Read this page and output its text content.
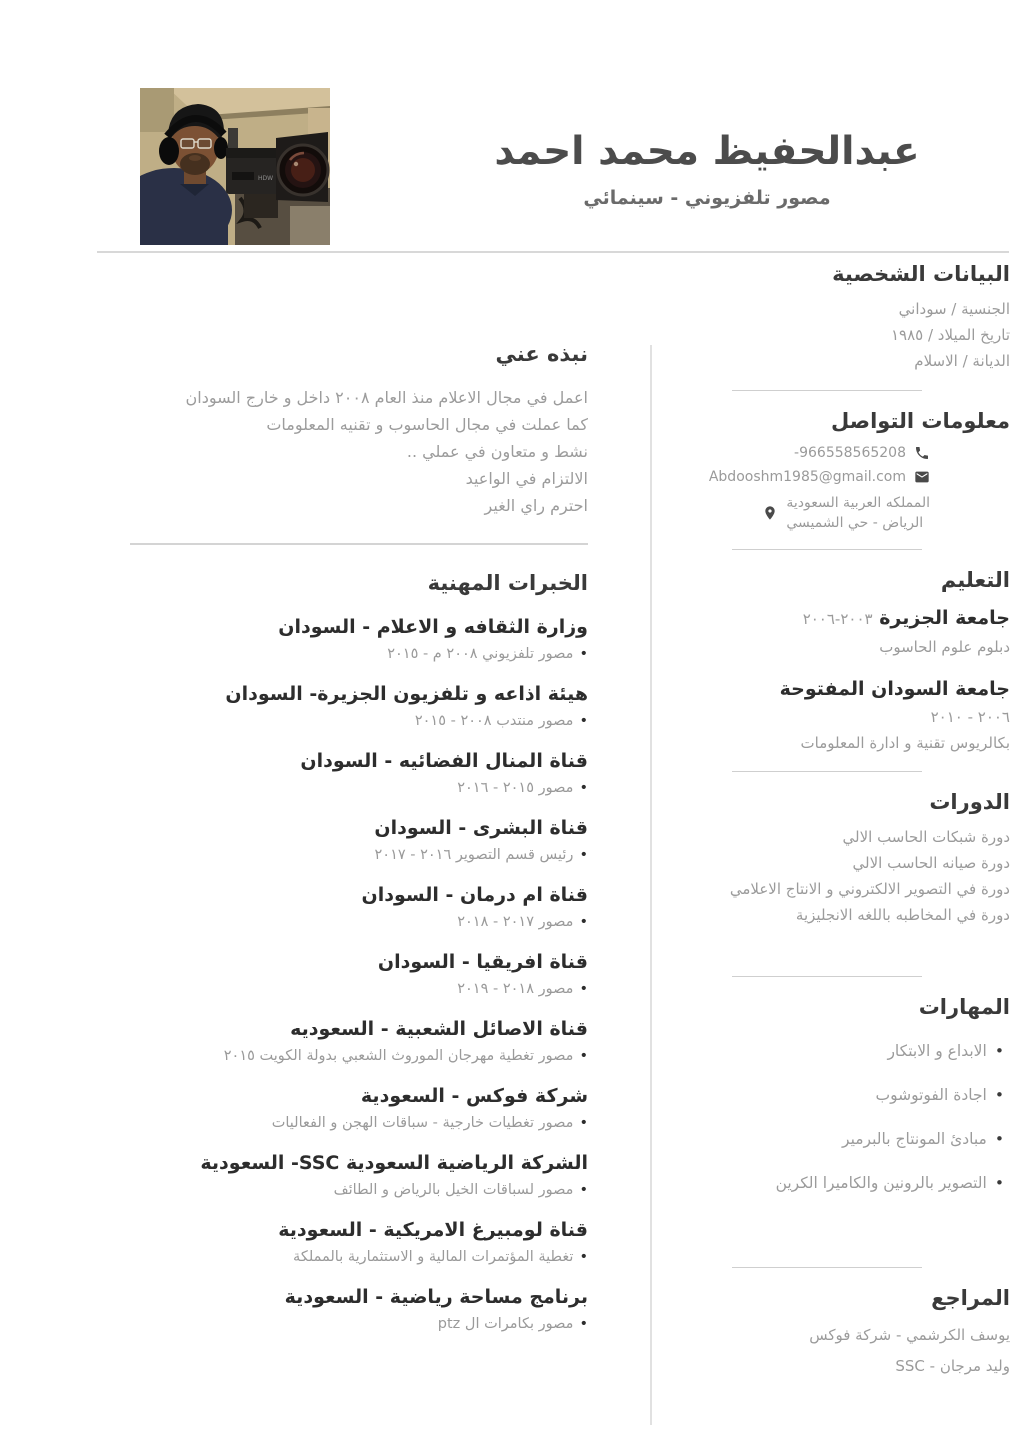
HDW
عبدالحفيظ محمد احمد
مصور تلفزيوني - سينمائي
البيانات الشخصية
الجنسية / سوداني
تاريخ الميلاد / ١٩٨٥
الديانة / الاسلام
معلومات التواصل
-966558565208
Abdooshm1985@gmail.com
المملكه العربية السعودية
الرياض - حي الشميسي
التعليم
جامعة الجزيرة ٢٠٠٣-٢٠٠٦
دبلوم علوم الحاسوب
جامعة السودان المفتوحة
٢٠٠٦ - ٢٠١٠
بكالريوس تقنية و ادارة المعلومات
الدورات
دورة شبكات الحاسب الالي
دورة صيانه الحاسب الالي
دورة في التصوير الالكتروني و الانتاج الاعلامي
دورة في المخاطبه باللغه الانجليزية
المهارات
•الابداع و الابتكار
•اجادة الفوتوشوب
•مبادئ المونتاج بالبرمير
•التصوير بالرونين والكاميرا الكرين
المراجع
يوسف الكرشمي - شركة فوكس
وليد مرجان - SSC
نبذه عني
اعمل في مجال الاعلام منذ العام ٢٠٠٨ داخل و خارج السودان
كما عملت في مجال الحاسوب و تقنيه المعلومات
نشط و متعاون في عملي ..
الالتزام في الواعيد
احترم راي الغير
الخبرات المهنية
وزارة الثقافه و الاعلام - السودان
•مصور تلفزيوني ٢٠٠٨ م - ٢٠١٥
هيئة اذاعه و تلفزيون الجزيرة- السودان
•مصور منتدب ٢٠٠٨ - ٢٠١٥
قناة المنال الفضائيه - السودان
•مصور ٢٠١٥ - ٢٠١٦
قناة البشرى - السودان
•رئيس قسم التصوير ٢٠١٦ - ٢٠١٧
قناة ام درمان - السودان
•مصور ٢٠١٧ - ٢٠١٨
قناة افريقيا - السودان
•مصور ٢٠١٨ - ٢٠١٩
قناة الاصائل الشعبية - السعوديه
•مصور تغطية مهرجان الموروث الشعبي بدولة الكويت ٢٠١٥
شركة فوكس - السعودية
•مصور تغطيات خارجية - سباقات الهجن و الفعاليات
الشركة الرياضية السعودية SSC- السعودية
•مصور لسباقات الخيل بالرياض و الطائف
قناة لومبيرغ الامريكية - السعودية
•تغطية المؤتمرات المالية و الاستثمارية بالمملكة
برنامج مساحة رياضية - السعودية
•مصور بكامرات ال ptz
